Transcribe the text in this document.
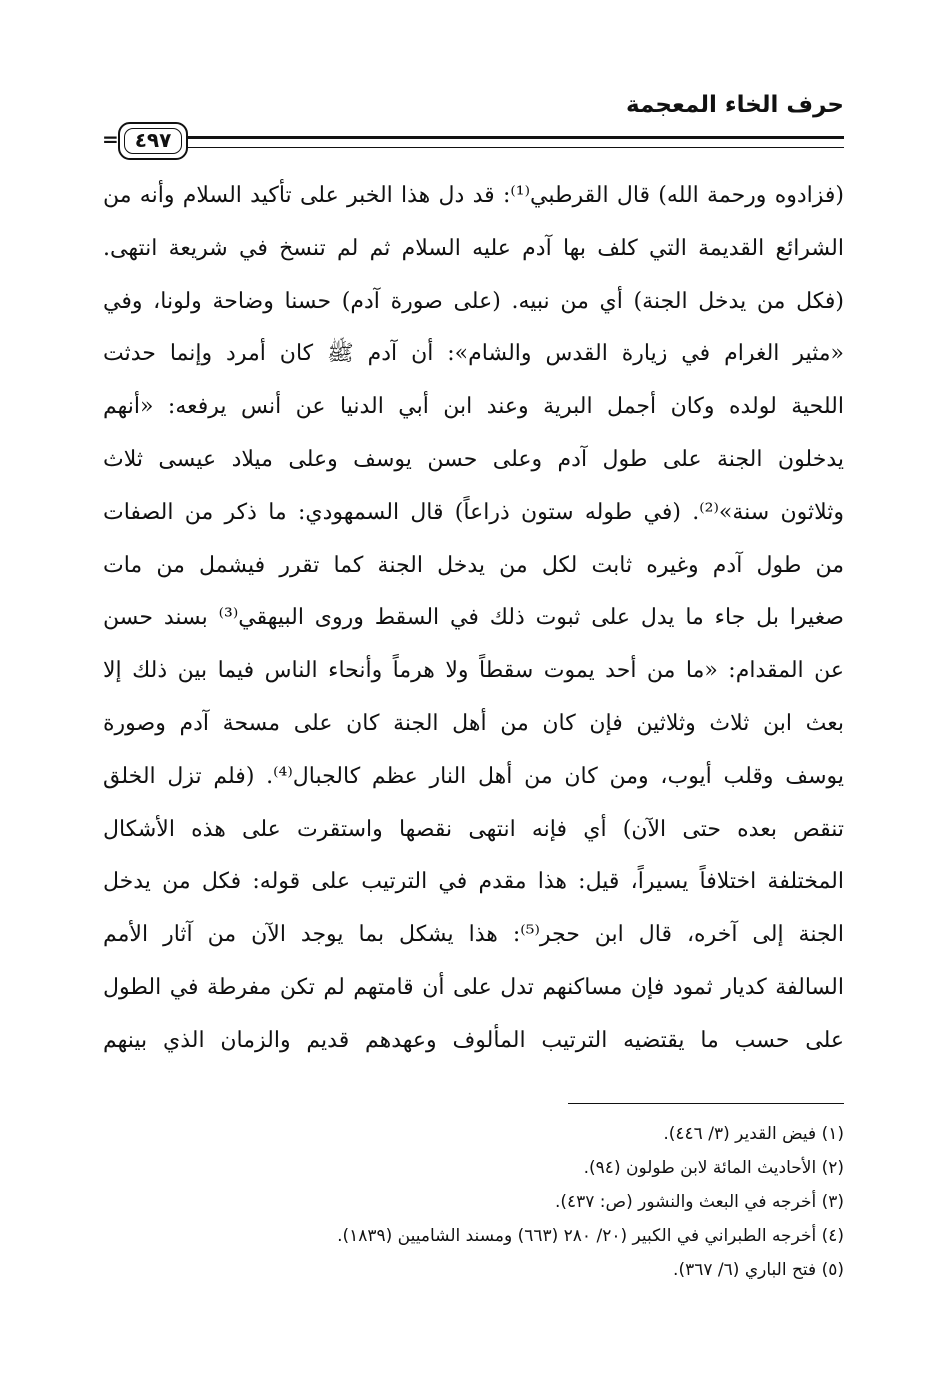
حرف الخاء المعجمة
= ٤٩٧
(فزادوه ورحمة الله) قال القرطبي⁽¹⁾: قد دل هذا الخبر على تأكيد السلام وأنه من
الشرائع القديمة التي كلف بها آدم عليه السلام ثم لم تنسخ في شريعة انتهى.
(فكل من يدخل الجنة) أي من نبيه. (على صورة آدم) حسنا وضاحة ولونا، وفي
«مثير الغرام في زيارة القدس والشام»: أن آدم ﷺ كان أمرد وإنما حدثت
اللحية لولده وكان أجمل البرية وعند ابن أبي الدنيا عن أنس يرفعه: «أنهم
يدخلون الجنة على طول آدم وعلى حسن يوسف وعلى ميلاد عيسى ثلاث
وثلاثون سنة»⁽²⁾. (في طوله ستون ذراعاً) قال السمهودي: ما ذكر من الصفات
من طول آدم وغيره ثابت لكل من يدخل الجنة كما تقرر فيشمل من مات
صغيرا بل جاء ما يدل على ثبوت ذلك في السقط وروى البيهقي⁽³⁾ بسند حسن
عن المقدام: «ما من أحد يموت سقطاً ولا هرماً وأنحاء الناس فيما بين ذلك إلا
بعث ابن ثلاث وثلاثين فإن كان من أهل الجنة كان على مسحة آدم وصورة
يوسف وقلب أيوب، ومن كان من أهل النار عظم كالجبال⁽⁴⁾. (فلم تزل الخلق
تنقص بعده حتى الآن) أي فإنه انتهى نقصها واستقرت على هذه الأشكال
المختلفة اختلافاً يسيراً، قيل: هذا مقدم في الترتيب على قوله: فكل من يدخل
الجنة إلى آخره، قال ابن حجر⁽⁵⁾: هذا يشكل بما يوجد الآن من آثار الأمم
السالفة كديار ثمود فإن مساكنهم تدل على أن قامتهم لم تكن مفرطة في الطول
على حسب ما يقتضيه الترتيب المألوف وعهدهم قديم والزمان الذي بينهم
(١) فيض القدير (٣/ ٤٤٦).
(٢) الأحاديث المائة لابن طولون (٩٤).
(٣) أخرجه في البعث والنشور (ص: ٤٣٧).
(٤) أخرجه الطبراني في الكبير (٢٠/ ٢٨٠ (٦٦٣) ومسند الشاميين (١٨٣٩).
(٥) فتح الباري (٦/ ٣٦٧).
